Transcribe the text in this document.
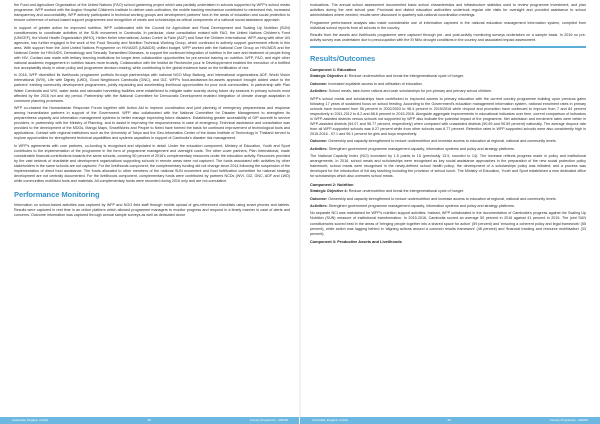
the Food and Agriculture Organization of the United Nations (FAO) school gardening project which was partially undertaken in schools supported by WFP's school meals programme. WFP worked with the Angkor Hospital Children's Institute to deliver cash-cultivation, the mobile banking mechanism contributed to minimised risk, increased transparency and accountability. WFP actively participated in technical working groups and development partners' fora in the areas of education and social protection to ensure coherence of school-based support programmes and recognition of meals and scholarships as critical components of a national social assistance approach.

In support of greater action for improved nutrition, WFP collaborated with the Council for Agriculture and Rural Development and Scaling Up Nutrition (SUN) constituencies to coordinate activities of the SUN movement in Cambodia. In particular, close consultation existed with FAO, the United Nations Children's Fund (UNICEF), the World Health Organization (WHO), Hellen Keller International, Action Contre la Faim (ACF) and Save the Children International. WFP, along with other UN agencies, has further engaged in the work of the Food Security and Nutrition Technical Working Group, which continued to actively support government efforts in this area. With support from the Joint United Nations Programme on HIV/AIDS (UNAIDS) unified budget, WFP worked with the National Core Group on HIV/AIDS and the National Center for HIV/AIDS, Dermatology and Sexually Transmitted Diseases, to support the continued integration of nutrition in the care and treatment of people living with HIV. Contact was made with tertiary learning institutions for longer-term collaborative opportunities for pre-service training on nutrition. WFP, FAO, and eight other national academic engagement in nutrition issues more broadly. Collaboration with the Institut de Recherche pour le Développement enabled the execution of a fortified rice acceptability study in urban policy and programme decision-making, while contributing to the global evidence base on the fortification of rice.

In 2016, WFP diversified its livelihoods programme portfolio through partnerships with national NGO Mlup Baitong, and international organizations ADF, World Vision International (WVI), Life with Dignity (LWD), Good Neighbours Cambodia (GNC), and GIZ. WFP's food-assistance-for-assets approach brought added value to the partners' existing community development programmes, jointly expanding and accelerating livelihood opportunities for poor rural communities. In partnership with Plan Water Cambodia and WVI, water tanks and rainwater harvesting facilities were established to mitigate water scarcity during future dry seasons in primary schools most affected by the 2016 hot and dry period. Partnership with the National Committee for Democratic Development enabled integration of climate change adaptation in commune planning processes.

WFP co-chaired the Humanitarian Response Forum together with Action Aid to improve coordination and joint planning of emergency preparedness and response among humanitarian partners in support of the Government. WFP also collaborated with the National Committee for Disaster Management to strengthen its preparedness capacity and information management systems to better manage impending future disasters. Establishing greater accessibility of GIP accredit to service providers, in partnership with the Ministry of Planning, and to assist in improving the responsiveness in case of emergency. Technical assistance and consultation was provided to the development of the MDGs, Mango Maps, SmartWorks and People to Need have formed the basis for continued improvement of technological tools and applications. Contact with regional institutions such as the University of Tokyo and the Geo-Informatics Center of the Asian Institute of Technology in Thailand served to explore opportunities for strengthened technical capabilities and systems capacities in support of Cambodia's disaster risk management.

In WFP's agreements with core partners, co-funding is recognised and stipulated in detail. Under the education component, Ministry of Education, Youth and Sport contributes to the implementation of the programme in the form of programme management and oversight costs. The other cover partners, Plan International, made considerable financial contributions towards the same schools, covering 50 percent of 2016's complementary resources under the education activity. Resources provided by the vast network of charitable and development organizations supporting schools in remote areas were not captured. The funds associated with activities by other stakeholders in the same schools are not captured. For the livelihoods component, the complementary funding did not change since 2014 following the suspension of the implementation of direct food assistance. The funds allocated to other members of the national SUN movement and food fortification committee for national strategy development are not centrally documented. For the livelihoods component, complementary funds were contributed by partners NCDs (WVI, GIZ, GNC, ADF and LWD) while communities mobilised tools and materials. All complementary funds were recorded during 2016 only and are not cumulative.

Performance Monitoring

Information on school-based activities was captured by WFP and NGO field staff through mobile upload of geo-referenced checklists using smart phones and tablets. Results were captured in real time in an online platform which allowed programme managers to monitor progress and respond in a timely manner in case of alerts and concerns. Outcome information was captured through annual sample surveys as well as dedicated donor

Cambodia, Kingdom of (KH)	13	Country Programme - 200202

evaluations. The annual school assessment documented basic school characteristics and infrastructure statistics used to review programme investment, and plan activities during the next school year. Provincial and district education authorities undertook regular site visits for oversight and provided assistance to school administrators where needed; results were discussed in quarterly sub-national coordination meetings.

Programme performance analysis also made considerable use of information captured in the national education management information system, compiled from individual school reports from all schools in the country.

Results from the assets and livelihoods programme were captured through pre- and post-activity monitoring surveys undertaken on a sample basis. In 2016 no pre-activity survey was undertaken due to preoccupation with the El Niño drought conditions in the country and associated impact assessment.

Results/Outcomes
Component 1: Education

Strategic Objective 4: Reduce undernutrition and break the intergenerational cycle of hunger.

Outcome: Increased equitable access to and utilisation of education.

Activities: School meals, take-home rations and cash scholarships for pre-primary and primary school children.

WFP's school meals and scholarships have contributed to improved access to primary education with the current country programme building upon previous gains following 17 years of sustained focus on school feeding. According to the Government's education management information system, national enrolment rates in primary schools have increased from 96 percent in 2002/2003 to 98.4 percent in 2015/2016 while dropout and promotion have continued to improve from 7 and 84 percent respectively in 2011-2012 to 8.2 and 88.6 percent in 2015-2016. Alongside aggregate improvements in educational indicators over time, current comparison of indicators in WFP-assisted districts versus schools not supported by WFP also indicate the potential impact of the programme. Net admission and enrolment rates were better in WFP-assisted districts (94.07 and 96.77 percent, respectively) when compared with unassisted districts (90.69 and 90.59 percent) nationally. The average dropout rate from all WFP-supported schools was 6.27 percent while from other schools was 6.77 percent. Retention rates in WFP-supported schools were also consistently high in 2015-2016 - 97.1 and 96.1 percent for girls and boys respectively.

Outcome: Ownership and capacity strengthened to reduce undernutrition and increase access to education at regional, national and community levels.

Activities: Strengthen government programme management capacity, information systems and policy and strategy platforms.

The National Capacity Index (NCI) increased by 1.5 points to 15 (previously 13.5, rounded to 14). The increase reflects progress made in policy and institutional arrangements. In 2016, school meals and scholarships were recognised as key social assistance approaches in the preparation of the new social protection policy framework; school meals were recognised in the newly-defined school health policy; the development of a scholarships policy was initiated; and a process was developed for the introduction of full day teaching including the provision of school lunch. The Ministry of Education, Youth and Sport established a new dedicated office for scholarships which also oversees school meals.

Component 2: Nutrition

Strategic Objective 4: Reduce undernutrition and break the intergenerational cycle of hunger.

Outcome: Ownership and capacity strengthened to reduce undernutrition and increase access to education at regional, national and community levels.

Activities: Strengthen government programme management capacity, information systems and policy and strategy platforms.

No separate NCI was maintained for WFP's nutrition support activities. Instead, WFP collaborated in the documentation of Cambodia's progress against the Scaling Up Nutrition (SUN) measure of institutional transformation. In 2015-2016, Cambodia scored an average 50 percent in 2016 against 41 percent in 2015. The joint SUN constituencies scored best in the areas of 'bringing people together into a shared space for action' (59 percent) and 'ensuring a coherent policy and legal framework' (55 percent), while action was lagging behind in 'aligning actions around a common results framework' (48 percent) and 'financial tracking and resource mobilisation' (33 percent).

Component 3: Productive Assets and Livelihoods
Cambodia, Kingdom of (KH)	14	Country Programme - 200202
